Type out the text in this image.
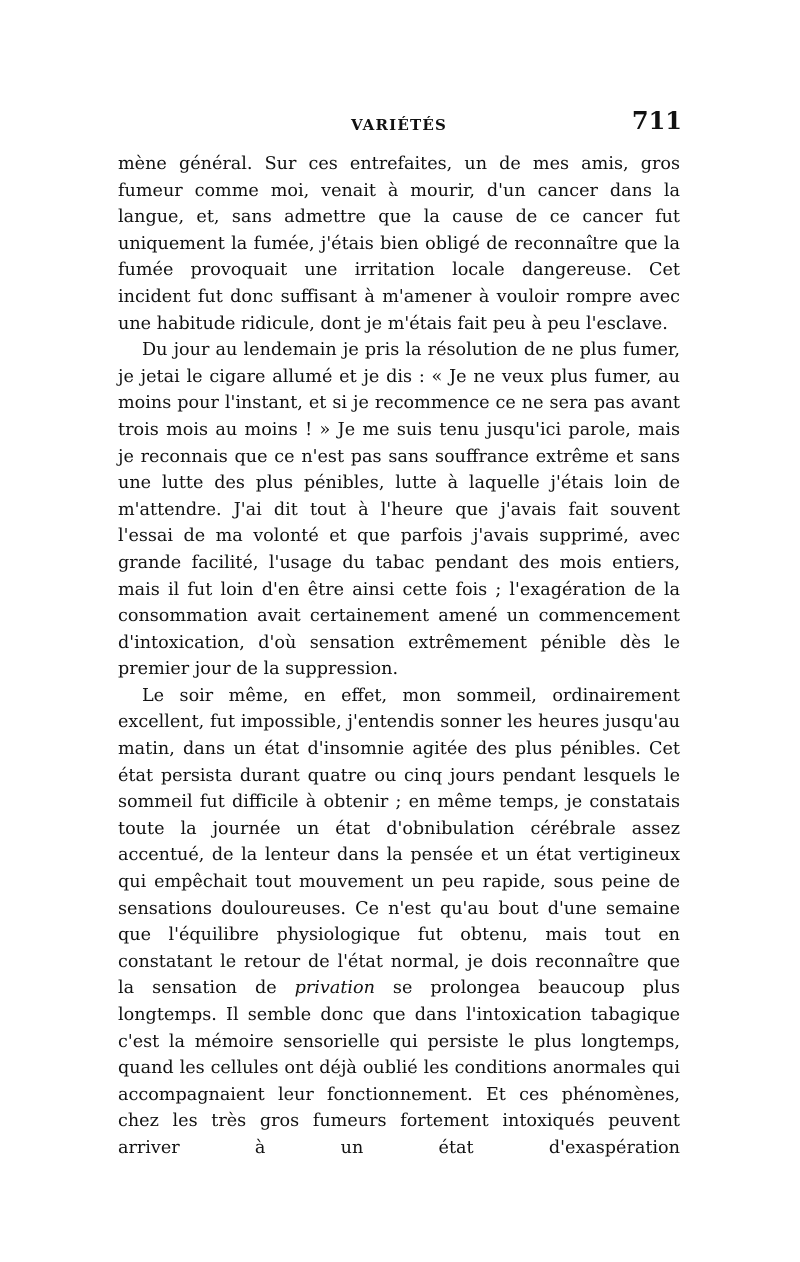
VARIÉTÉS	711

mène général. Sur ces entrefaites, un de mes amis, gros fumeur comme moi, venait à mourir, d'un cancer dans la langue, et, sans admettre que la cause de ce cancer fut uniquement la fumée, j'étais bien obligé de reconnaître que la fumée provoquait une irritation locale dangereuse. Cet incident fut donc suffisant à m'amener à vouloir rompre avec une habitude ridicule, dont je m'étais fait peu à peu l'esclave.

Du jour au lendemain je pris la résolution de ne plus fumer, je jetai le cigare allumé et je dis : « Je ne veux plus fumer, au moins pour l'instant, et si je recommence ce ne sera pas avant trois mois au moins ! » Je me suis tenu jusqu'ici parole, mais je reconnais que ce n'est pas sans souffrance extrême et sans une lutte des plus pénibles, lutte à laquelle j'étais loin de m'attendre. J'ai dit tout à l'heure que j'avais fait souvent l'essai de ma volonté et que parfois j'avais supprimé, avec grande facilité, l'usage du tabac pendant des mois entiers, mais il fut loin d'en être ainsi cette fois ; l'exagération de la consommation avait certainement amené un commencement d'intoxication, d'où sensation extrêmement pénible dès le premier jour de la suppression.

Le soir même, en effet, mon sommeil, ordinairement excellent, fut impossible, j'entendis sonner les heures jusqu'au matin, dans un état d'insomnie agitée des plus pénibles. Cet état persista durant quatre ou cinq jours pendant lesquels le sommeil fut difficile à obtenir ; en même temps, je constatais toute la journée un état d'obnibulation cérébrale assez accentué, de la lenteur dans la pensée et un état vertigineux qui empêchait tout mouvement un peu rapide, sous peine de sensations douloureuses. Ce n'est qu'au bout d'une semaine que l'équilibre physiologique fut obtenu, mais tout en constatant le retour de l'état normal, je dois reconnaître que la sensation de privation se prolongea beaucoup plus longtemps. Il semble donc que dans l'intoxication tabagique c'est la mémoire sensorielle qui persiste le plus longtemps, quand les cellules ont déjà oublié les conditions anormales qui accompagnaient leur fonctionnement. Et ces phénomènes, chez les très gros fumeurs fortement intoxiqués peuvent arriver à un état d'exaspération
